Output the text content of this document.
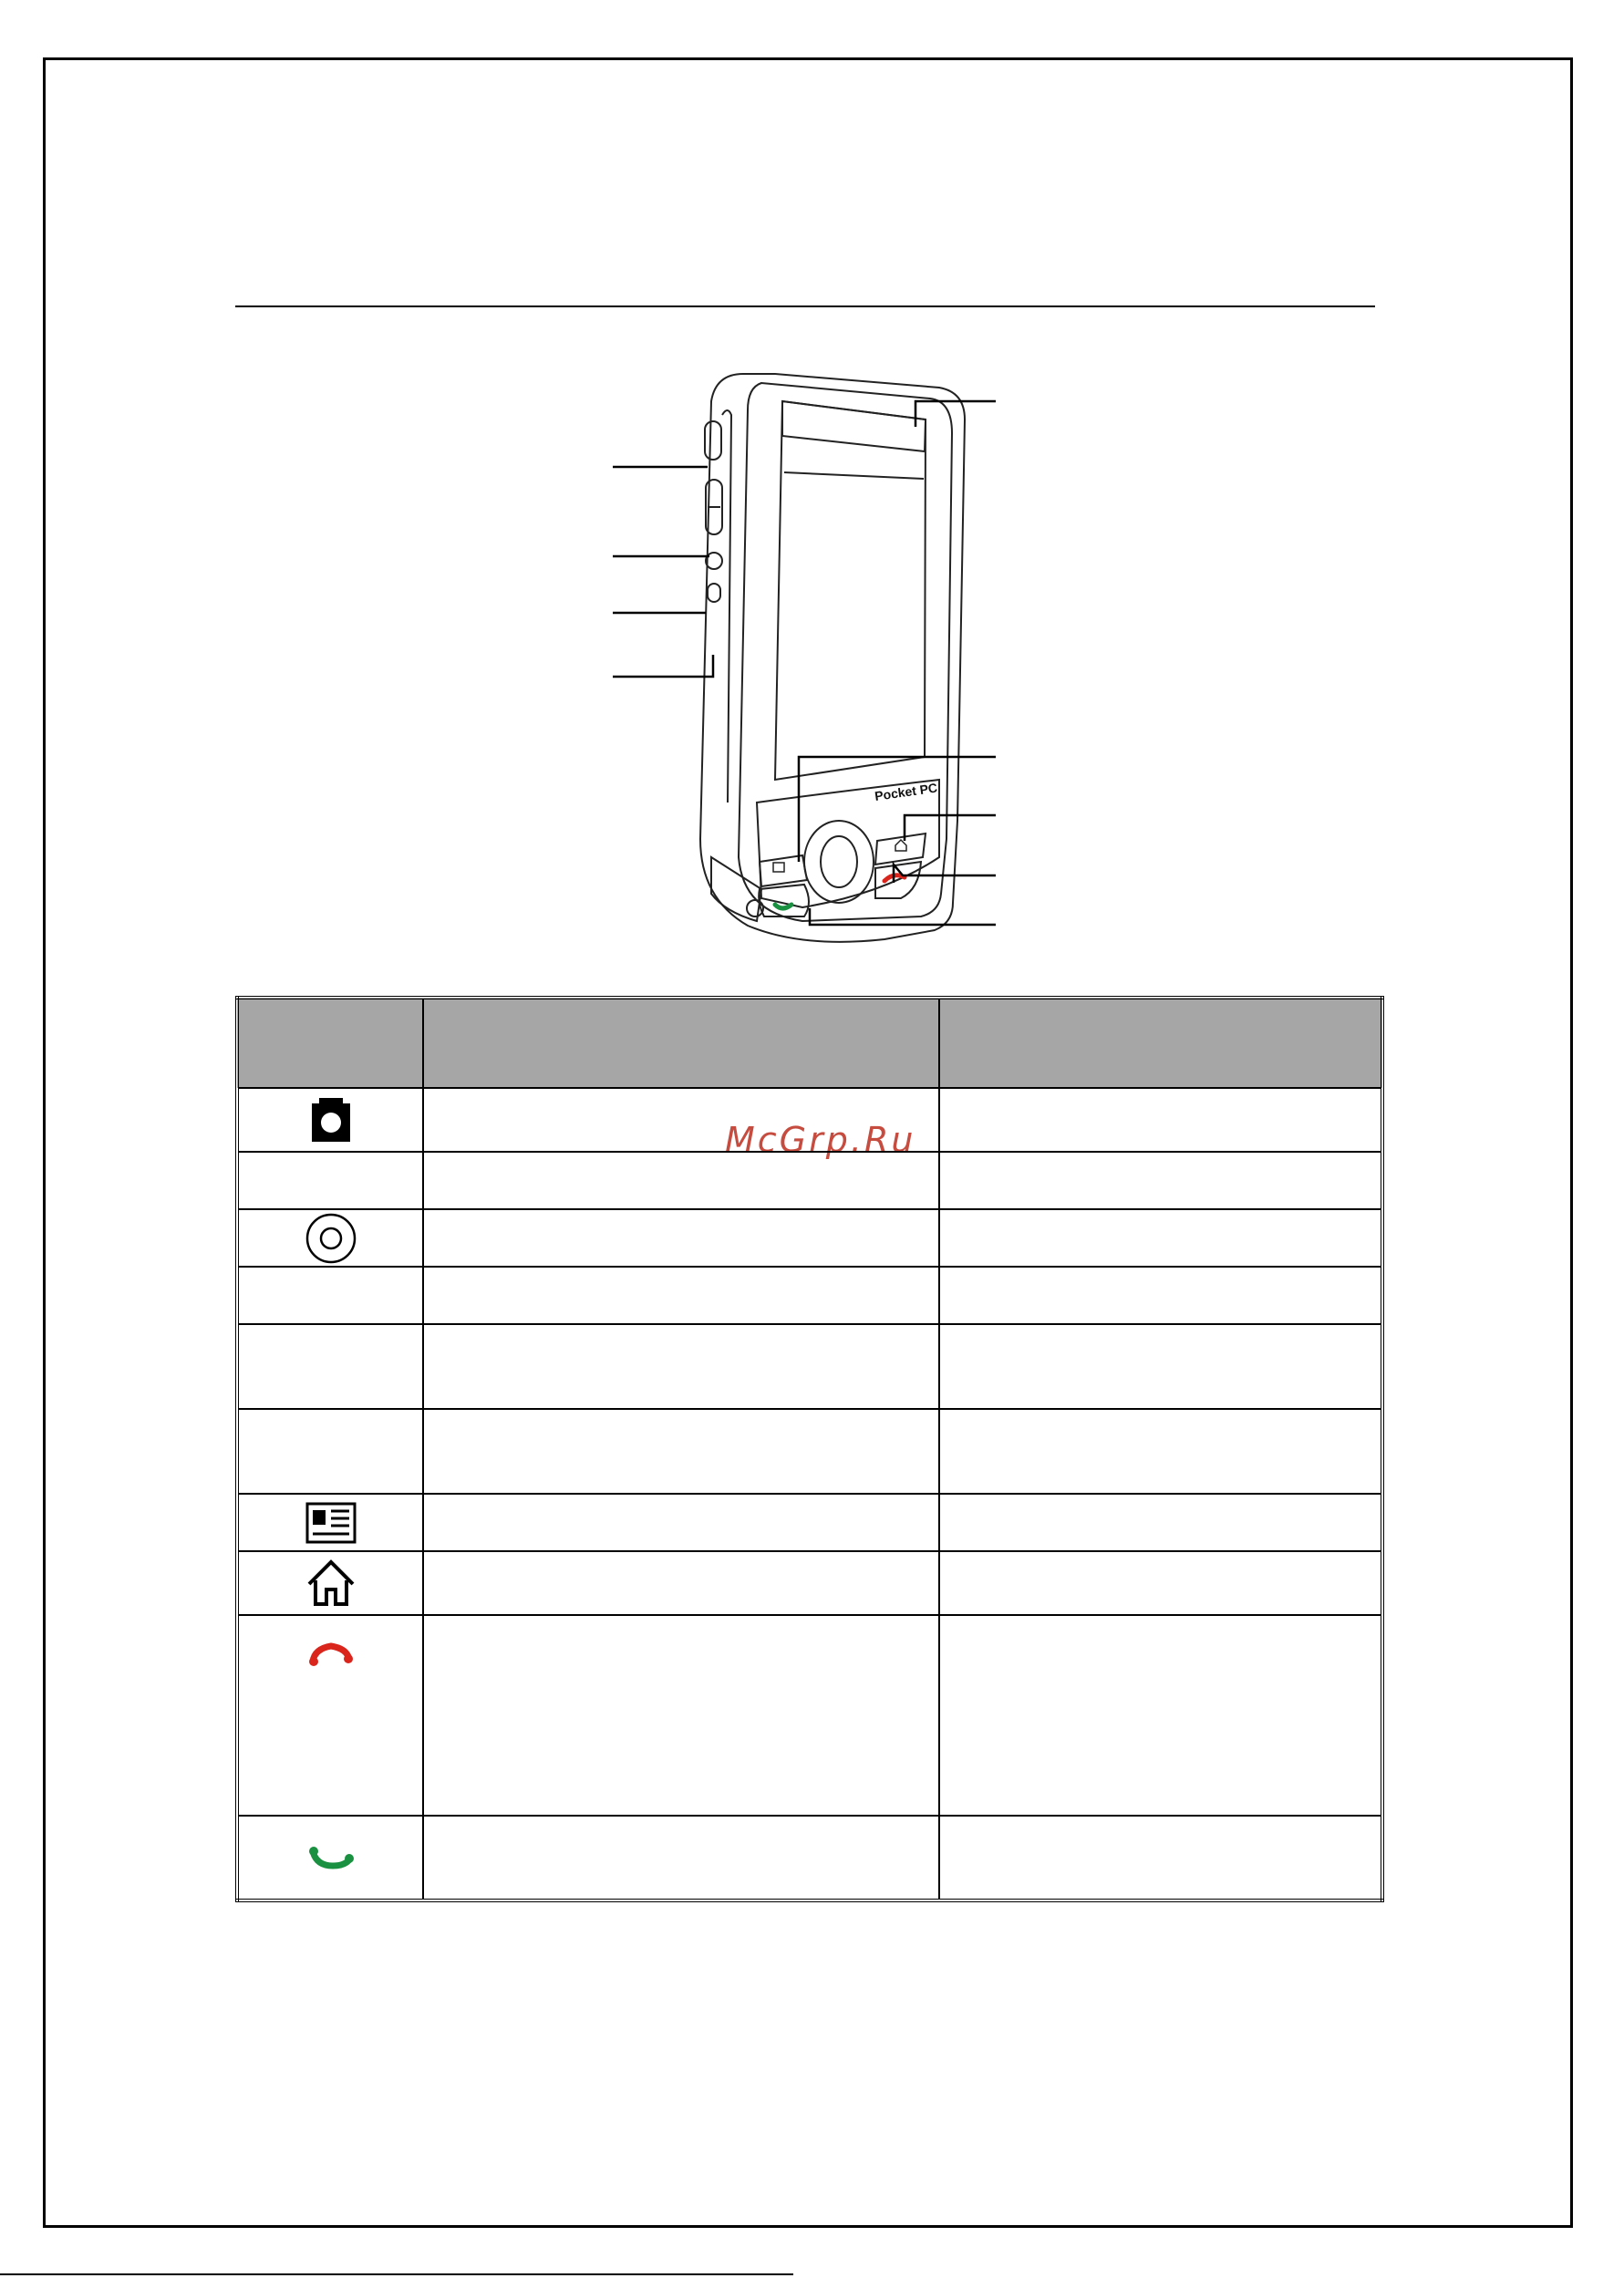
Pocket PC
McGrp.Ru
